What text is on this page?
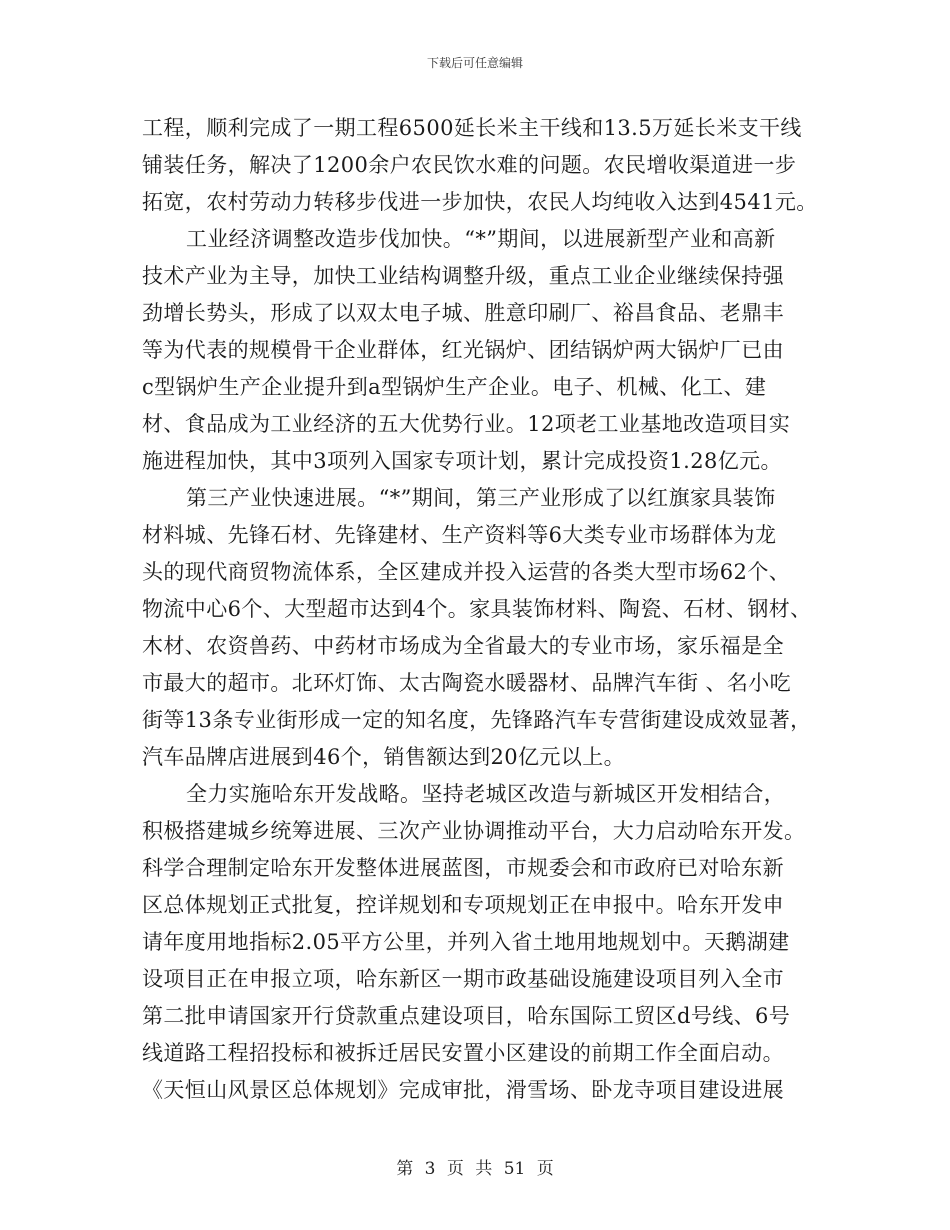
下载后可任意编辑
工程，顺利完成了一期工程6500延长米主干线和13.5万延长米支干线
铺装任务，解决了1200余户农民饮水难的问题。农民增收渠道进一步
拓宽，农村劳动力转移步伐进一步加快，农民人均纯收入达到4541元。
工业经济调整改造步伐加快。“*”期间，以进展新型产业和高新
技术产业为主导，加快工业结构调整升级，重点工业企业继续保持强
劲增长势头，形成了以双太电子城、胜意印刷厂、裕昌食品、老鼎丰
等为代表的规模骨干企业群体，红光锅炉、团结锅炉两大锅炉厂已由
c型锅炉生产企业提升到a型锅炉生产企业。电子、机械、化工、建
材、食品成为工业经济的五大优势行业。12项老工业基地改造项目实
施进程加快，其中3项列入国家专项计划，累计完成投资1.28亿元。
第三产业快速进展。“*”期间，第三产业形成了以红旗家具装饰
材料城、先锋石材、先锋建材、生产资料等6大类专业市场群体为龙
头的现代商贸物流体系，全区建成并投入运营的各类大型市场62个、
物流中心6个、大型超市达到4个。家具装饰材料、陶瓷、石材、钢材、
木材、农资兽药、中药材市场成为全省最大的专业市场，家乐福是全
市最大的超市。北环灯饰、太古陶瓷水暖器材、品牌汽车街 、名小吃
街等13条专业街形成一定的知名度，先锋路汽车专营街建设成效显著，
汽车品牌店进展到46个，销售额达到20亿元以上。
全力实施哈东开发战略。坚持老城区改造与新城区开发相结合，
积极搭建城乡统筹进展、三次产业协调推动平台，大力启动哈东开发。
科学合理制定哈东开发整体进展蓝图，市规委会和市政府已对哈东新
区总体规划正式批复，控详规划和专项规划正在申报中。哈东开发申
请年度用地指标2.05平方公里，并列入省土地用地规划中。天鹅湖建
设项目正在申报立项，哈东新区一期市政基础设施建设项目列入全市
第二批申请国家开行贷款重点建设项目，哈东国际工贸区d号线、6号
线道路工程招投标和被拆迁居民安置小区建设的前期工作全面启动。
《天恒山风景区总体规划》完成审批，滑雪场、卧龙寺项目建设进展
第 3 页 共 51 页
